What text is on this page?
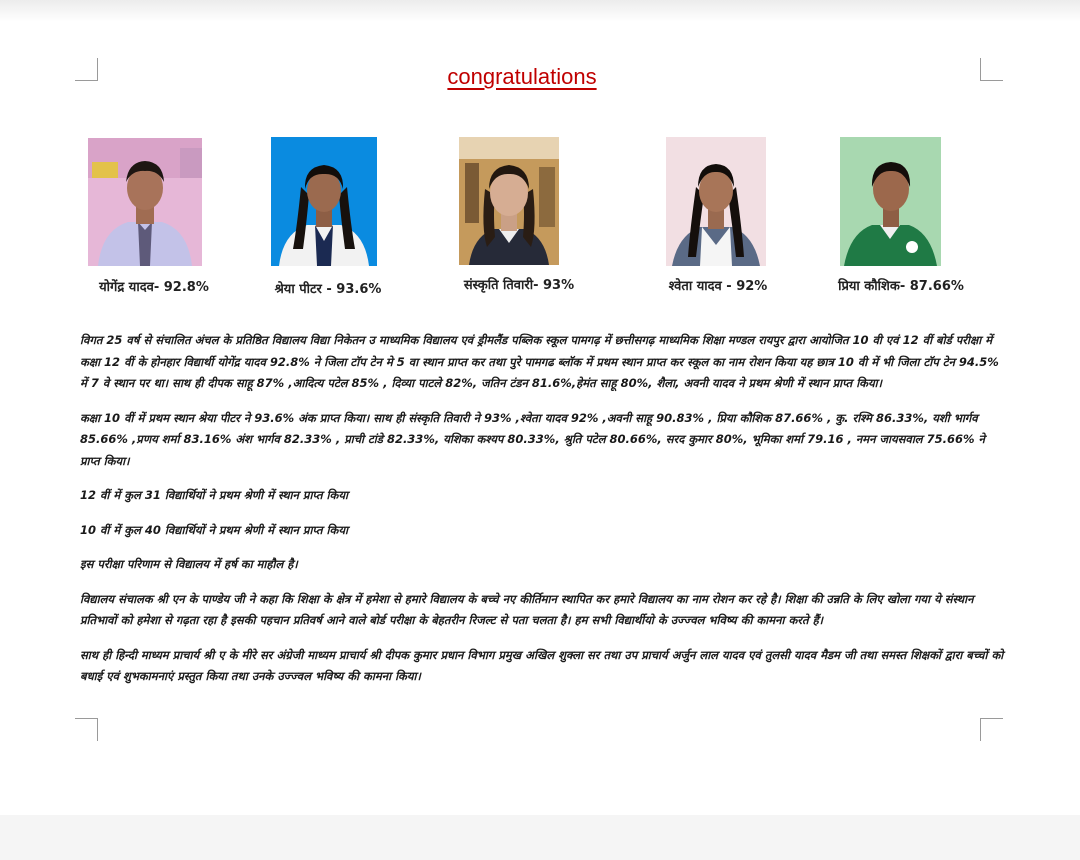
congratulations
योगेंद्र यादव- 92.8%	श्रेया पीटर - 93.6%	संस्कृति तिवारी- 93%	श्वेता यादव - 92%	प्रिया कौशिक- 87.66%

विगत 25 वर्ष से संचालित अंचल के प्रतिष्ठित विद्यालय विद्या निकेतन उ माध्यमिक विद्यालय एवं ड्रीमलैंड पब्लिक स्कूल पामगढ़ में छत्तीसगढ़ माध्यमिक शिक्षा मण्डल रायपुर द्वारा आयोजित 10 वी एवं 12 वीं बोर्ड परीक्षा में कक्षा 12 वीं के होनहार विद्यार्थी योगेंद्र यादव 92.8% ने जिला टॉप टेन मे 5 वा स्थान प्राप्त कर तथा पुरे पामगढ ब्लॉक में प्रथम स्थान प्राप्त कर स्कूल का नाम रोशन किया यह छात्र 10 वी में भी जिला टॉप टेन 94.5% में 7 वे स्थान पर था। साथ ही दीपक साहू 87% ,आदित्य पटेल 85% , दिव्या पाटले 82%, जतिन टंडन 81.6%,हेमंत साहू 80%, शैला, अवनी यादव ने प्रथम श्रेणी में स्थान प्राप्त किया।

कक्षा 10 वीं में प्रथम स्थान श्रेया पीटर ने 93.6% अंक प्राप्त किया। साथ ही संस्कृति तिवारी ने 93% ,श्वेता यादव 92% ,अवनी साहू 90.83% , प्रिया कौशिक 87.66% , कु. रश्मि 86.33%, यशी भार्गव 85.66% ,प्रणय शर्मा 83.16% अंश भार्गव 82.33% , प्राची टांडे 82.33%, यशिका कश्यप 80.33%, श्रुति पटेल 80.66%, सरद कुमार 80%, भूमिका शर्मा 79.16 , नमन जायसवाल 75.66% ने प्राप्त किया।

12 वीं में कुल 31 विद्यार्थियों ने प्रथम श्रेणी में स्थान प्राप्त किया

10 वीं में कुल 40 विद्यार्थियों ने प्रथम श्रेणी में स्थान प्राप्त किया

इस परीक्षा परिणाम से विद्यालय में हर्ष का माहौल है।

विद्यालय संचालक श्री एन के पाण्डेय जी ने कहा कि शिक्षा के क्षेत्र में हमेशा से हमारे विद्यालय के बच्चे नए कीर्तिमान स्थापित कर हमारे विद्यालय का नाम रोशन कर रहे है। शिक्षा की उन्नति के लिए खोला गया ये संस्थान प्रतिभावों को हमेशा से गढ़ता रहा है इसकी पहचान प्रतिवर्ष आने वाले बोर्ड परीक्षा के बेहतरीन रिजल्ट से पता चलता है। हम सभी विद्यार्थीयो के उज्ज्वल भविष्य की कामना करते हैं।

साथ ही हिन्दी माध्यम प्राचार्य श्री ए के मीरे सर अंग्रेजी माध्यम प्राचार्य श्री दीपक कुमार प्रधान विभाग प्रमुख अखिल शुक्ला सर तथा उप प्राचार्य अर्जुन लाल यादव एवं तुलसी यादव मैडम जी तथा समस्त शिक्षकों द्वारा बच्चों को बधाई एवं शुभकामनाएं प्रस्तुत किया तथा उनके उज्ज्वल भविष्य की कामना किया।
